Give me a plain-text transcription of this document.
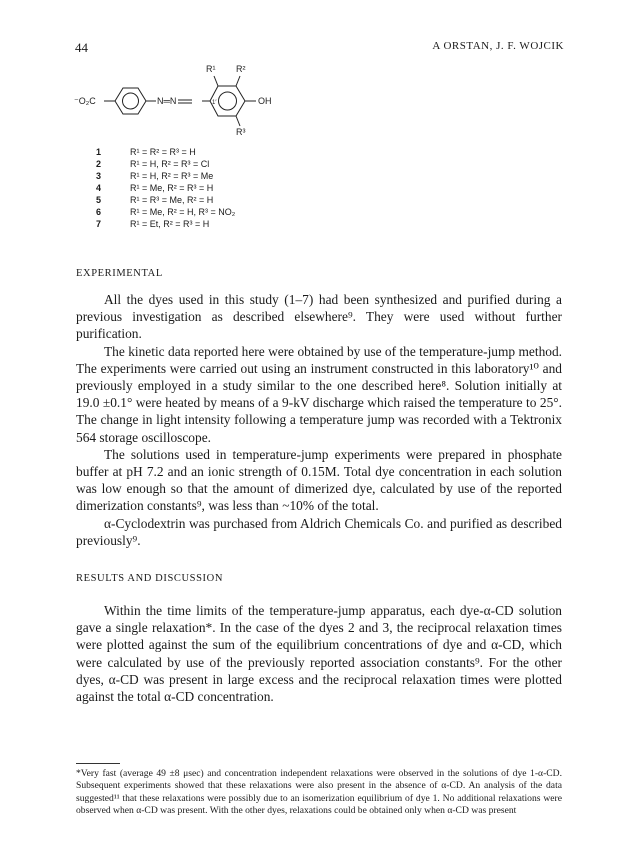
44	A ORSTAN, J. F. WOJCIK
⁻O₂C	N═N	OH
1′
R¹ R²
R³
1	R¹ = R² = R³ = H
2	R¹ = H, R² = R³ = Cl
3	R¹ = H, R² = R³ = Me
4	R¹ = Me, R² = R³ = H
5	R¹ = R³ = Me, R² = H
6	R¹ = Me, R² = H, R³ = NO₂
7	R¹ = Et, R² = R³ = H
EXPERIMENTAL

All the dyes used in this study (1–7) had been synthesized and purified during a previous investigation as described elsewhere⁹. They were used without further purification.

The kinetic data reported here were obtained by use of the temperature-jump method. The experiments were carried out using an instrument constructed in this laboratory¹⁰ and previously employed in a study similar to the one described here⁸. Solution initially at 19.0 ±0.1° were heated by means of a 9-kV discharge which raised the temperature to 25°. The change in light intensity following a temperature jump was recorded with a Tektronix 564 storage oscilloscope.

The solutions used in temperature-jump experiments were prepared in phosphate buffer at pH 7.2 and an ionic strength of 0.15M. Total dye concentration in each solution was low enough so that the amount of dimerized dye, calculated by use of the reported dimerization constants⁹, was less than ~10% of the total.

α-Cyclodextrin was purchased from Aldrich Chemicals Co. and purified as described previously⁹.

RESULTS AND DISCUSSION

Within the time limits of the temperature-jump apparatus, each dye-α-CD solution gave a single relaxation*. In the case of the dyes 2 and 3, the reciprocal relaxation times were plotted against the sum of the equilibrium concentrations of dye and α-CD, which were calculated by use of the previously reported association constants⁹. For the other dyes, α-CD was present in large excess and the reciprocal relaxation times were plotted against the total α-CD concentration.

*Very fast (average 49 ±8 μsec) and concentration independent relaxations were observed in the solutions of dye 1-α-CD. Subsequent experiments showed that these relaxations were also present in the absence of α-CD. An analysis of the data suggested¹¹ that these relaxations were possibly due to an isomerization equilibrium of dye 1. No additional relaxations were observed when α-CD was present. With the other dyes, relaxations could be obtained only when α-CD was present
